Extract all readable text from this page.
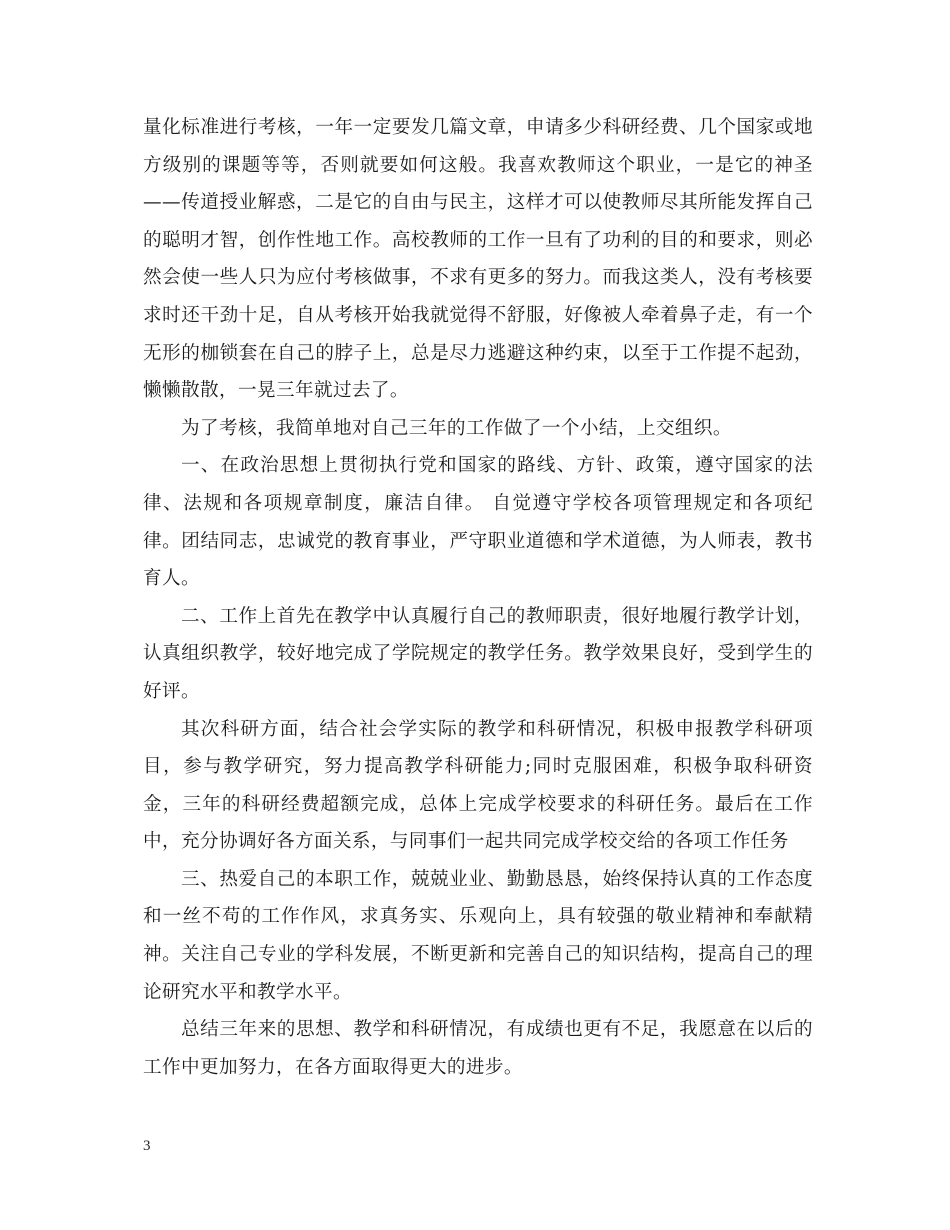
量化标准进行考核，一年一定要发几篇文章，申请多少科研经费、几个国家或地方级别的课题等等，否则就要如何这般。我喜欢教师这个职业，一是它的神圣——传道授业解惑，二是它的自由与民主，这样才可以使教师尽其所能发挥自己的聪明才智，创作性地工作。高校教师的工作一旦有了功利的目的和要求，则必然会使一些人只为应付考核做事，不求有更多的努力。而我这类人，没有考核要求时还干劲十足，自从考核开始我就觉得不舒服，好像被人牵着鼻子走，有一个无形的枷锁套在自己的脖子上，总是尽力逃避这种约束，以至于工作提不起劲，懒懒散散，一晃三年就过去了。

为了考核，我简单地对自己三年的工作做了一个小结，上交组织。

一、在政治思想上贯彻执行党和国家的路线、方针、政策，遵守国家的法律、法规和各项规章制度，廉洁自律。 自觉遵守学校各项管理规定和各项纪律。团结同志，忠诚党的教育事业，严守职业道德和学术道德，为人师表，教书育人。

二、工作上首先在教学中认真履行自己的教师职责，很好地履行教学计划，认真组织教学，较好地完成了学院规定的教学任务。教学效果良好，受到学生的好评。

其次科研方面，结合社会学实际的教学和科研情况，积极申报教学科研项目，参与教学研究，努力提高教学科研能力;同时克服困难，积极争取科研资金，三年的科研经费超额完成，总体上完成学校要求的科研任务。最后在工作中，充分协调好各方面关系，与同事们一起共同完成学校交给的各项工作任务

三、热爱自己的本职工作，兢兢业业、勤勤恳恳，始终保持认真的工作态度和一丝不苟的工作作风，求真务实、乐观向上，具有较强的敬业精神和奉献精神。关注自己专业的学科发展，不断更新和完善自己的知识结构，提高自己的理论研究水平和教学水平。

总结三年来的思想、教学和科研情况，有成绩也更有不足，我愿意在以后的工作中更加努力，在各方面取得更大的进步。

3
